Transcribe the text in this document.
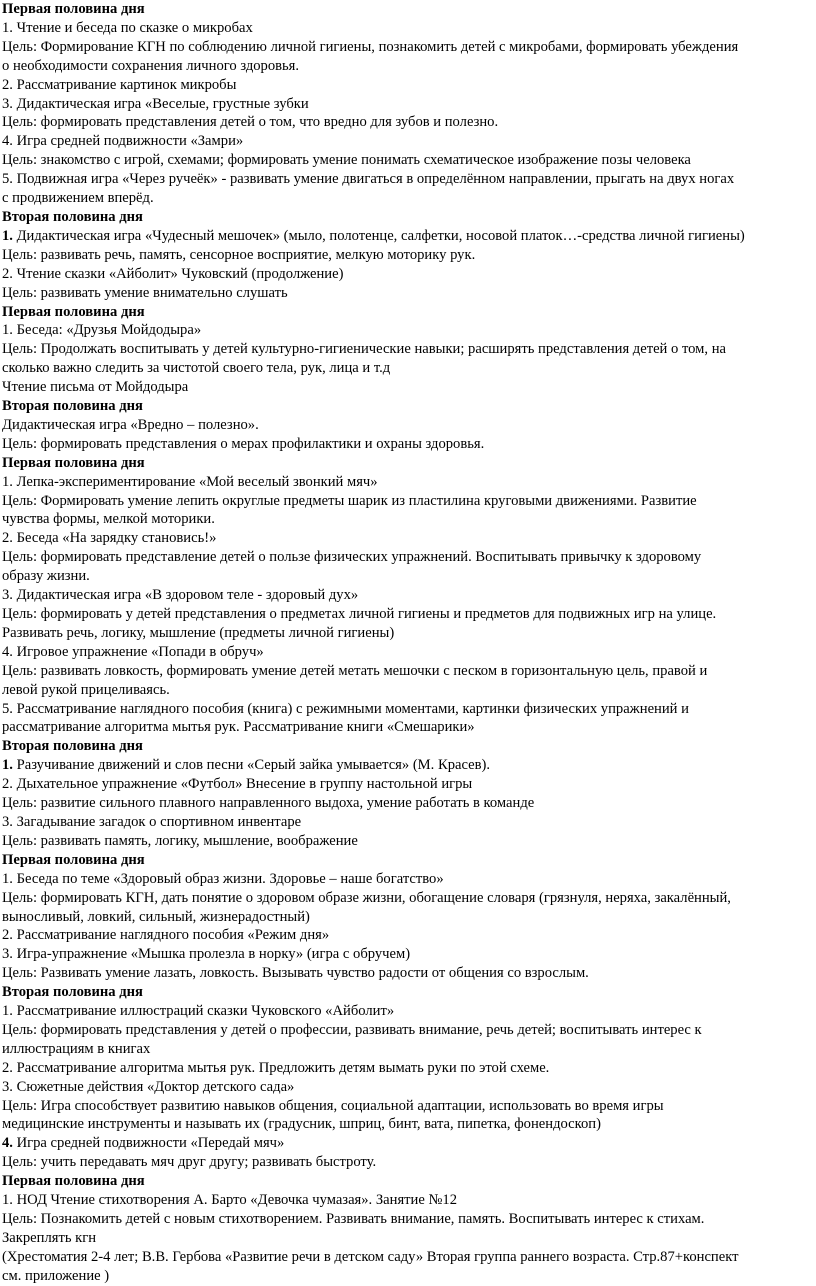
Первая половина дня
1. Чтение и беседа по сказке о микробах
Цель: Формирование КГН по соблюдению личной гигиены, познакомить детей с микробами, формировать убеждения
о необходимости сохранения личного здоровья.
2. Рассматривание картинок микробы
3. Дидактическая игра «Веселые, грустные зубки
Цель: формировать представления детей о том, что вредно для зубов и полезно.
4. Игра средней подвижности «Замри»
Цель: знакомство с игрой, схемами; формировать умение понимать схематическое изображение позы человека
5. Подвижная игра «Через ручеёк» - развивать умение двигаться в определённом направлении, прыгать на двух ногах
с продвижением вперёд.
Вторая половина дня
1. Дидактическая игра «Чудесный мешочек» (мыло, полотенце, салфетки, носовой платок…-средства личной гигиены)
Цель: развивать речь, память, сенсорное восприятие, мелкую моторику рук.
2. Чтение сказки «Айболит» Чуковский (продолжение)
Цель: развивать умение внимательно слушать
Первая половина дня
1. Беседа: «Друзья Мойдодыра»
Цель: Продолжать воспитывать у детей культурно-гигиенические навыки; расширять представления детей о том, на
сколько важно следить за чистотой своего тела, рук, лица и т.д
Чтение письма от Мойдодыра
Вторая половина дня
Дидактическая игра «Вредно – полезно».
Цель: формировать представления о мерах профилактики и охраны здоровья.
Первая половина дня
1. Лепка-экспериментирование «Мой веселый звонкий мяч»
Цель: Формировать умение лепить округлые предметы шарик из пластилина круговыми движениями. Развитие
чувства формы, мелкой моторики.
2. Беседа «На зарядку становись!»
Цель: формировать представление детей о пользе физических упражнений. Воспитывать привычку к здоровому
образу жизни.
3. Дидактическая игра «В здоровом теле - здоровый дух»
Цель: формировать у детей представления о предметах личной гигиены и предметов для подвижных игр на улице.
Развивать речь, логику, мышление (предметы личной гигиены)
4. Игровое упражнение «Попади в обруч»
Цель: развивать ловкость, формировать умение детей метать мешочки с песком в горизонтальную цель, правой и
левой рукой прицеливаясь.
5. Рассматривание наглядного пособия (книга) с режимными моментами, картинки физических упражнений и
рассматривание алгоритма мытья рук. Рассматривание книги «Смешарики»
Вторая половина дня
1. Разучивание движений и слов песни «Серый зайка умывается» (М. Красев).
2. Дыхательное упражнение «Футбол» Внесение в группу настольной игры
Цель: развитие сильного плавного направленного выдоха, умение работать в команде
3. Загадывание загадок о спортивном инвентаре
Цель: развивать память, логику, мышление, воображение
Первая половина дня
1. Беседа по теме «Здоровый образ жизни. Здоровье – наше богатство»
Цель: формировать КГН, дать понятие о здоровом образе жизни, обогащение словаря (грязнуля, неряха, закалённый,
выносливый, ловкий, сильный, жизнерадостный)
2. Рассматривание наглядного пособия «Режим дня»
3. Игра-упражнение «Мышка пролезла в норку» (игра с обручем)
Цель: Развивать умение лазать, ловкость. Вызывать чувство радости от общения со взрослым.
Вторая половина дня
1. Рассматривание иллюстраций сказки Чуковского «Айболит»
Цель: формировать представления у детей о профессии, развивать внимание, речь детей; воспитывать интерес к
иллюстрациям в книгах
2. Рассматривание алгоритма мытья рук. Предложить детям вымать руки по этой схеме.
3. Сюжетные действия «Доктор детского сада»
Цель: Игра способствует развитию навыков общения, социальной адаптации, использовать во время игры
медицинские инструменты и называть их (градусник, шприц, бинт, вата, пипетка, фонендоскоп)
4. Игра средней подвижности «Передай мяч»
Цель: учить передавать мяч друг другу; развивать быстроту.
Первая половина дня
1. НОД Чтение стихотворения А. Барто «Девочка чумазая». Занятие №12
Цель: Познакомить детей с новым стихотворением. Развивать внимание, память. Воспитывать интерес к стихам.
Закреплять кгн
(Хрестоматия 2-4 лет; В.В. Гербова «Развитие речи в детском саду» Вторая группа раннего возраста. Стр.87+конспект
см. приложение )
